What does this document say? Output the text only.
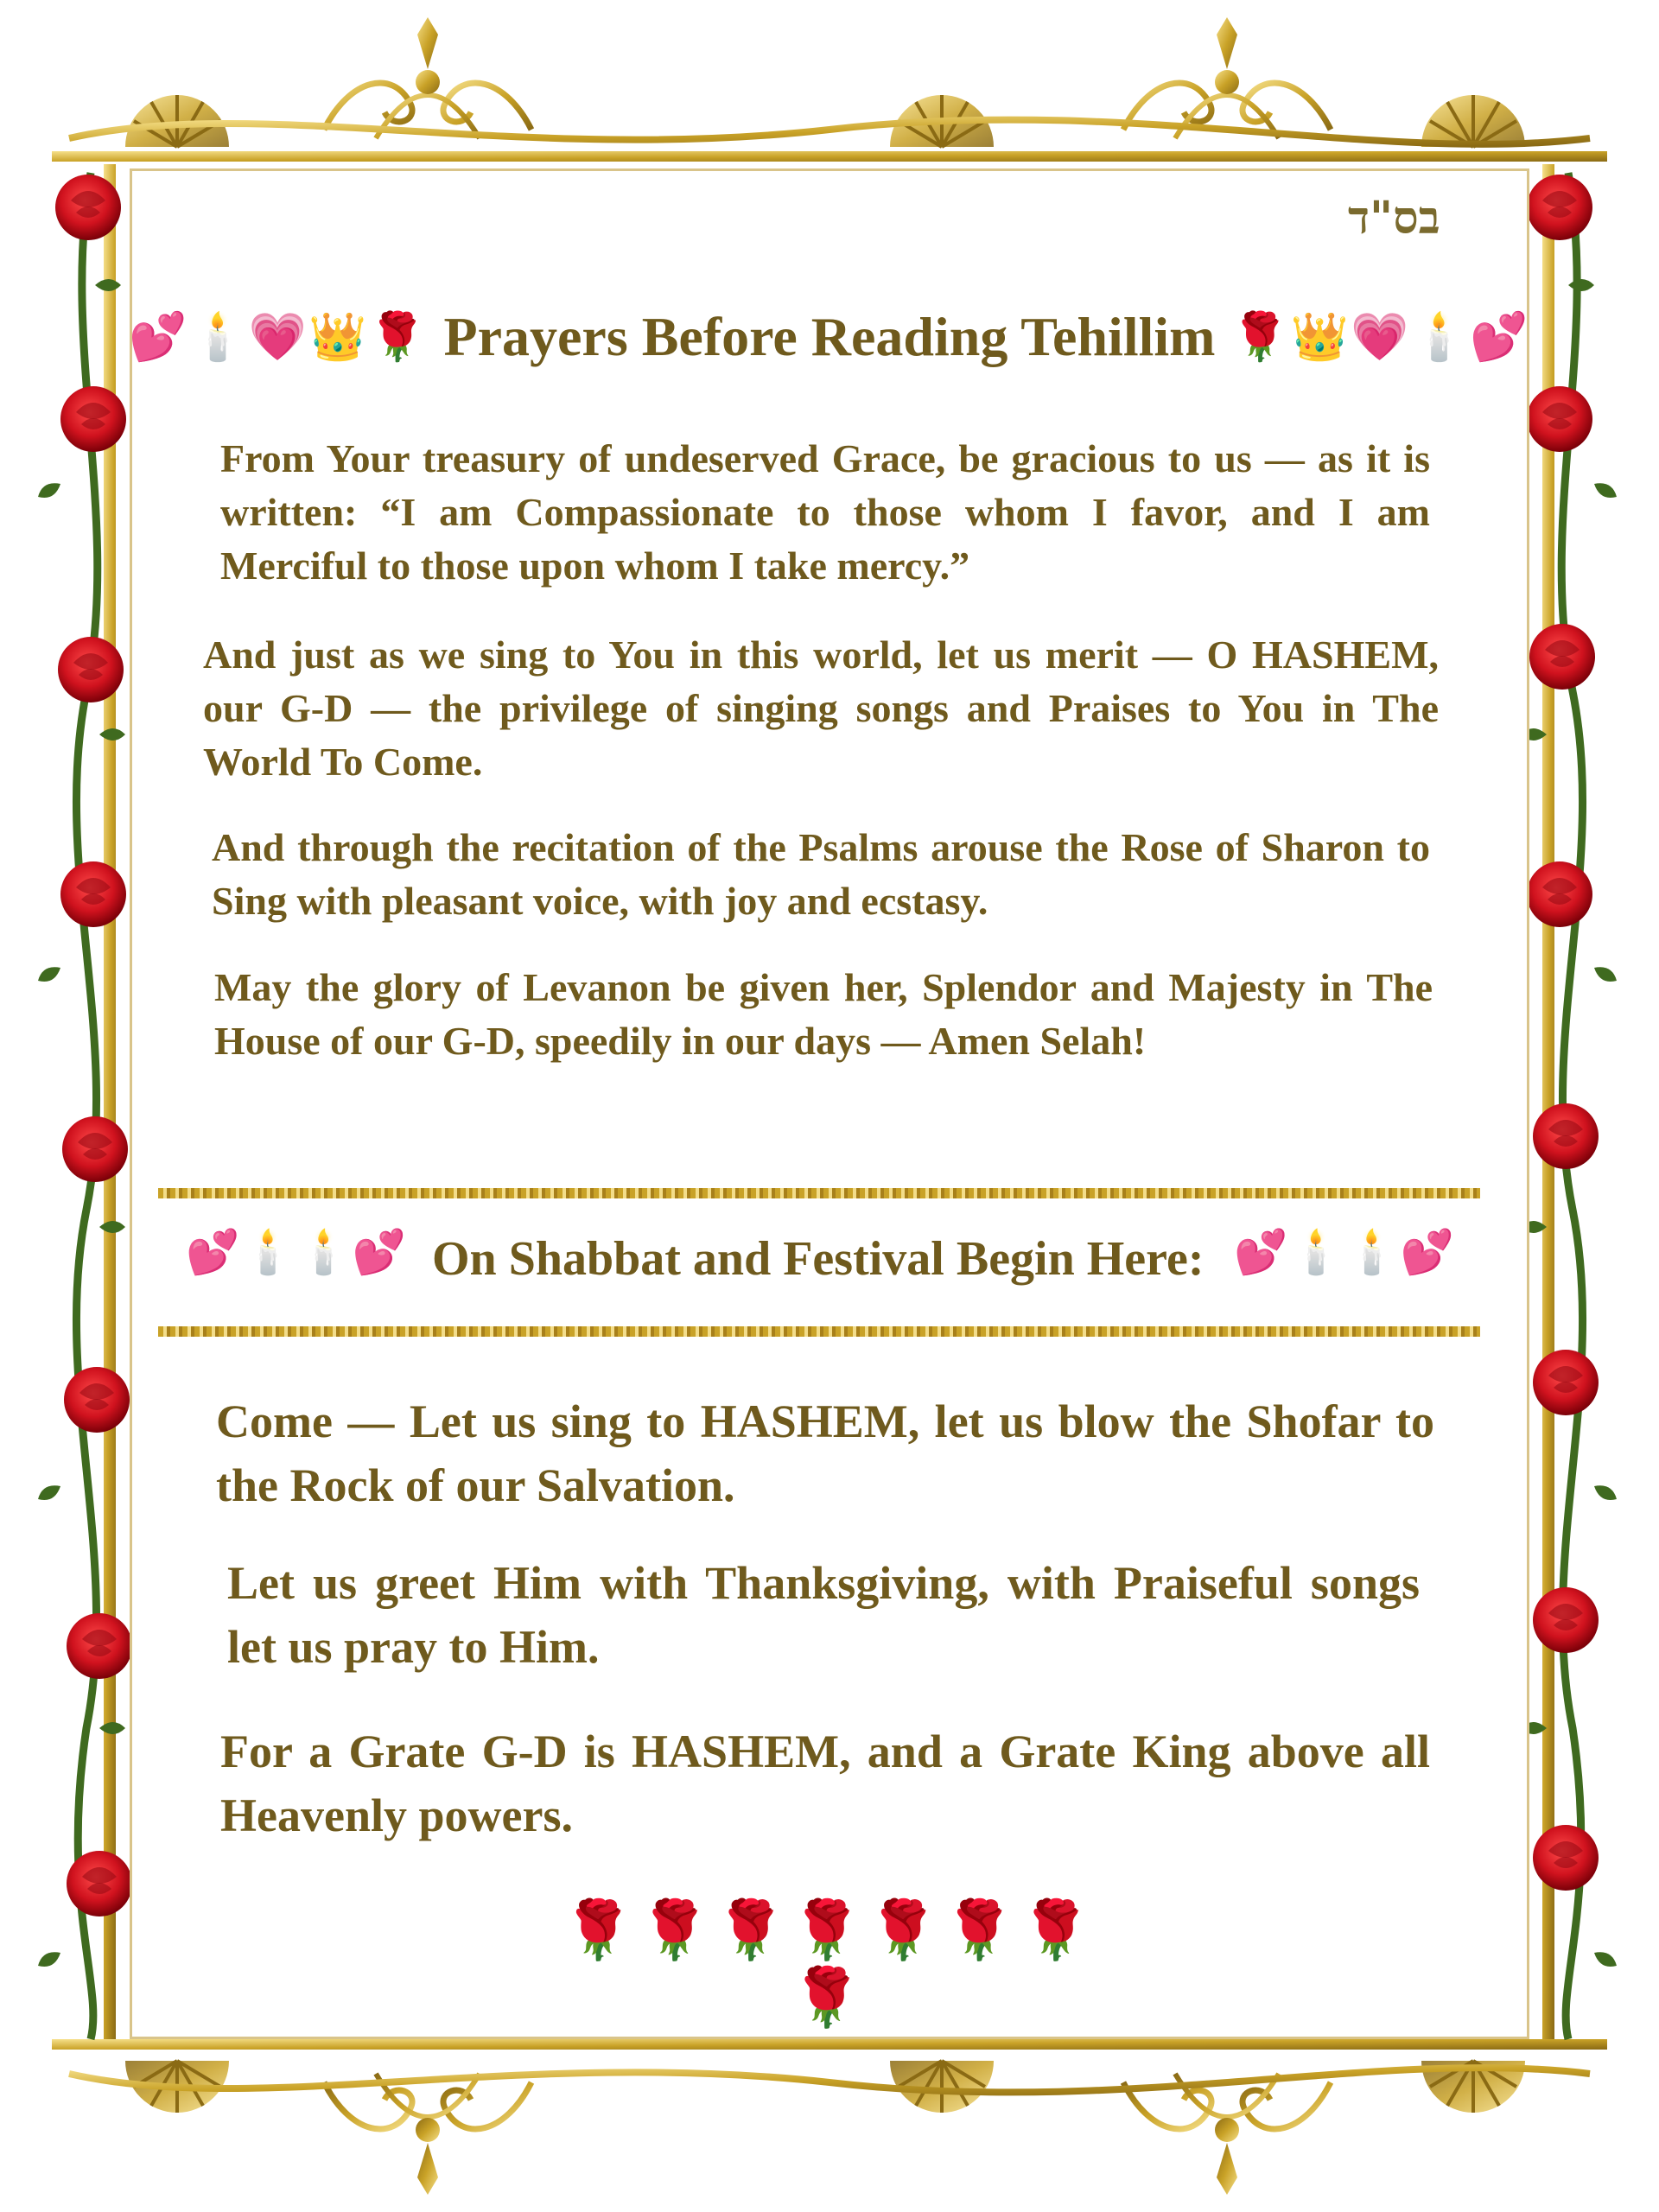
בס"ד
💕🕯️💗👑🌹 Prayers Before Reading Tehillim 🌹👑💗🕯️💕
From Your treasury of undeserved Grace, be gracious to us — as it is written: “I am Compassionate to those whom I favor, and I am Merciful to those upon whom I take mercy.”
And just as we sing to You in this world, let us merit — O HASHEM, our G-D — the privilege of singing songs and Praises to You in The World To Come.
And through the recitation of the Psalms arouse the Rose of Sharon to Sing with pleasant voice, with joy and ecstasy.
May the glory of Levanon be given her, Splendor and Majesty in The House of our G-D, speedily in our days — Amen Selah!
💕🕯️🕯️💕 On Shabbat and Festival Begin Here: 💕🕯️🕯️💕
Come — Let us sing to HASHEM, let us blow the Shofar to the Rock of our Salvation.
Let us greet Him with Thanksgiving, with Praiseful songs let us pray to Him.
For a Grate G-D is HASHEM, and a Grate King above all Heavenly powers.
🌹🌹🌹🌹🌹🌹🌹🌹
